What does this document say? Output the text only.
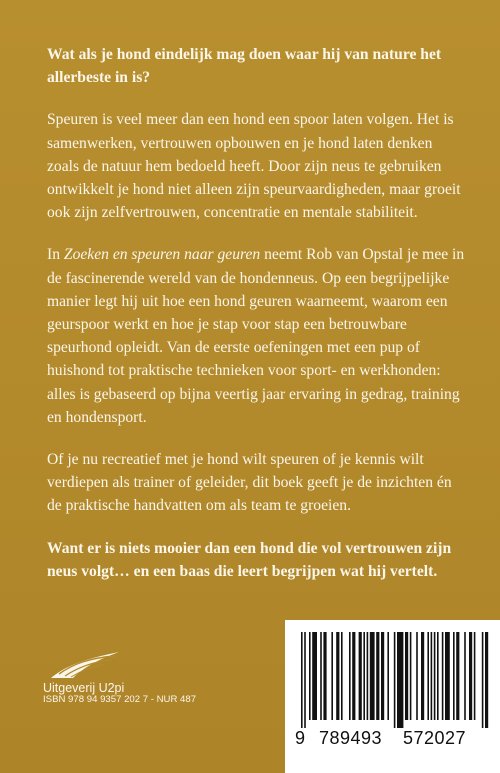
Wat als je hond eindelijk mag doen waar hij van nature het allerbeste in is?

Speuren is veel meer dan een hond een spoor laten volgen. Het is samenwerken, vertrouwen opbouwen en je hond laten denken zoals de natuur hem bedoeld heeft. Door zijn neus te gebruiken ontwikkelt je hond niet alleen zijn speurvaardigheden, maar groeit ook zijn zelfvertrouwen, concentratie en mentale stabiliteit.

In Zoeken en speuren naar geuren neemt Rob van Opstal je mee in de fascinerende wereld van de hondenneus. Op een begrijpelijke manier legt hij uit hoe een hond geuren waarneemt, waarom een geurspoor werkt en hoe je stap voor stap een betrouwbare speurhond opleidt. Van de eerste oefeningen met een pup of huishond tot praktische technieken voor sport- en werkhonden: alles is gebaseerd op bijna veertig jaar ervaring in gedrag, training en hondensport.

Of je nu recreatief met je hond wilt speuren of je kennis wilt verdiepen als trainer of geleider, dit boek geeft je de inzichten én de praktische handvatten om als team te groeien.

Want er is niets mooier dan een hond die vol vertrouwen zijn neus volgt… en een baas die leert begrijpen wat hij vertelt.

Uitgeverij U2pi
ISBN 978 94 9357 202 7 - NUR 487
9 789493 572027
